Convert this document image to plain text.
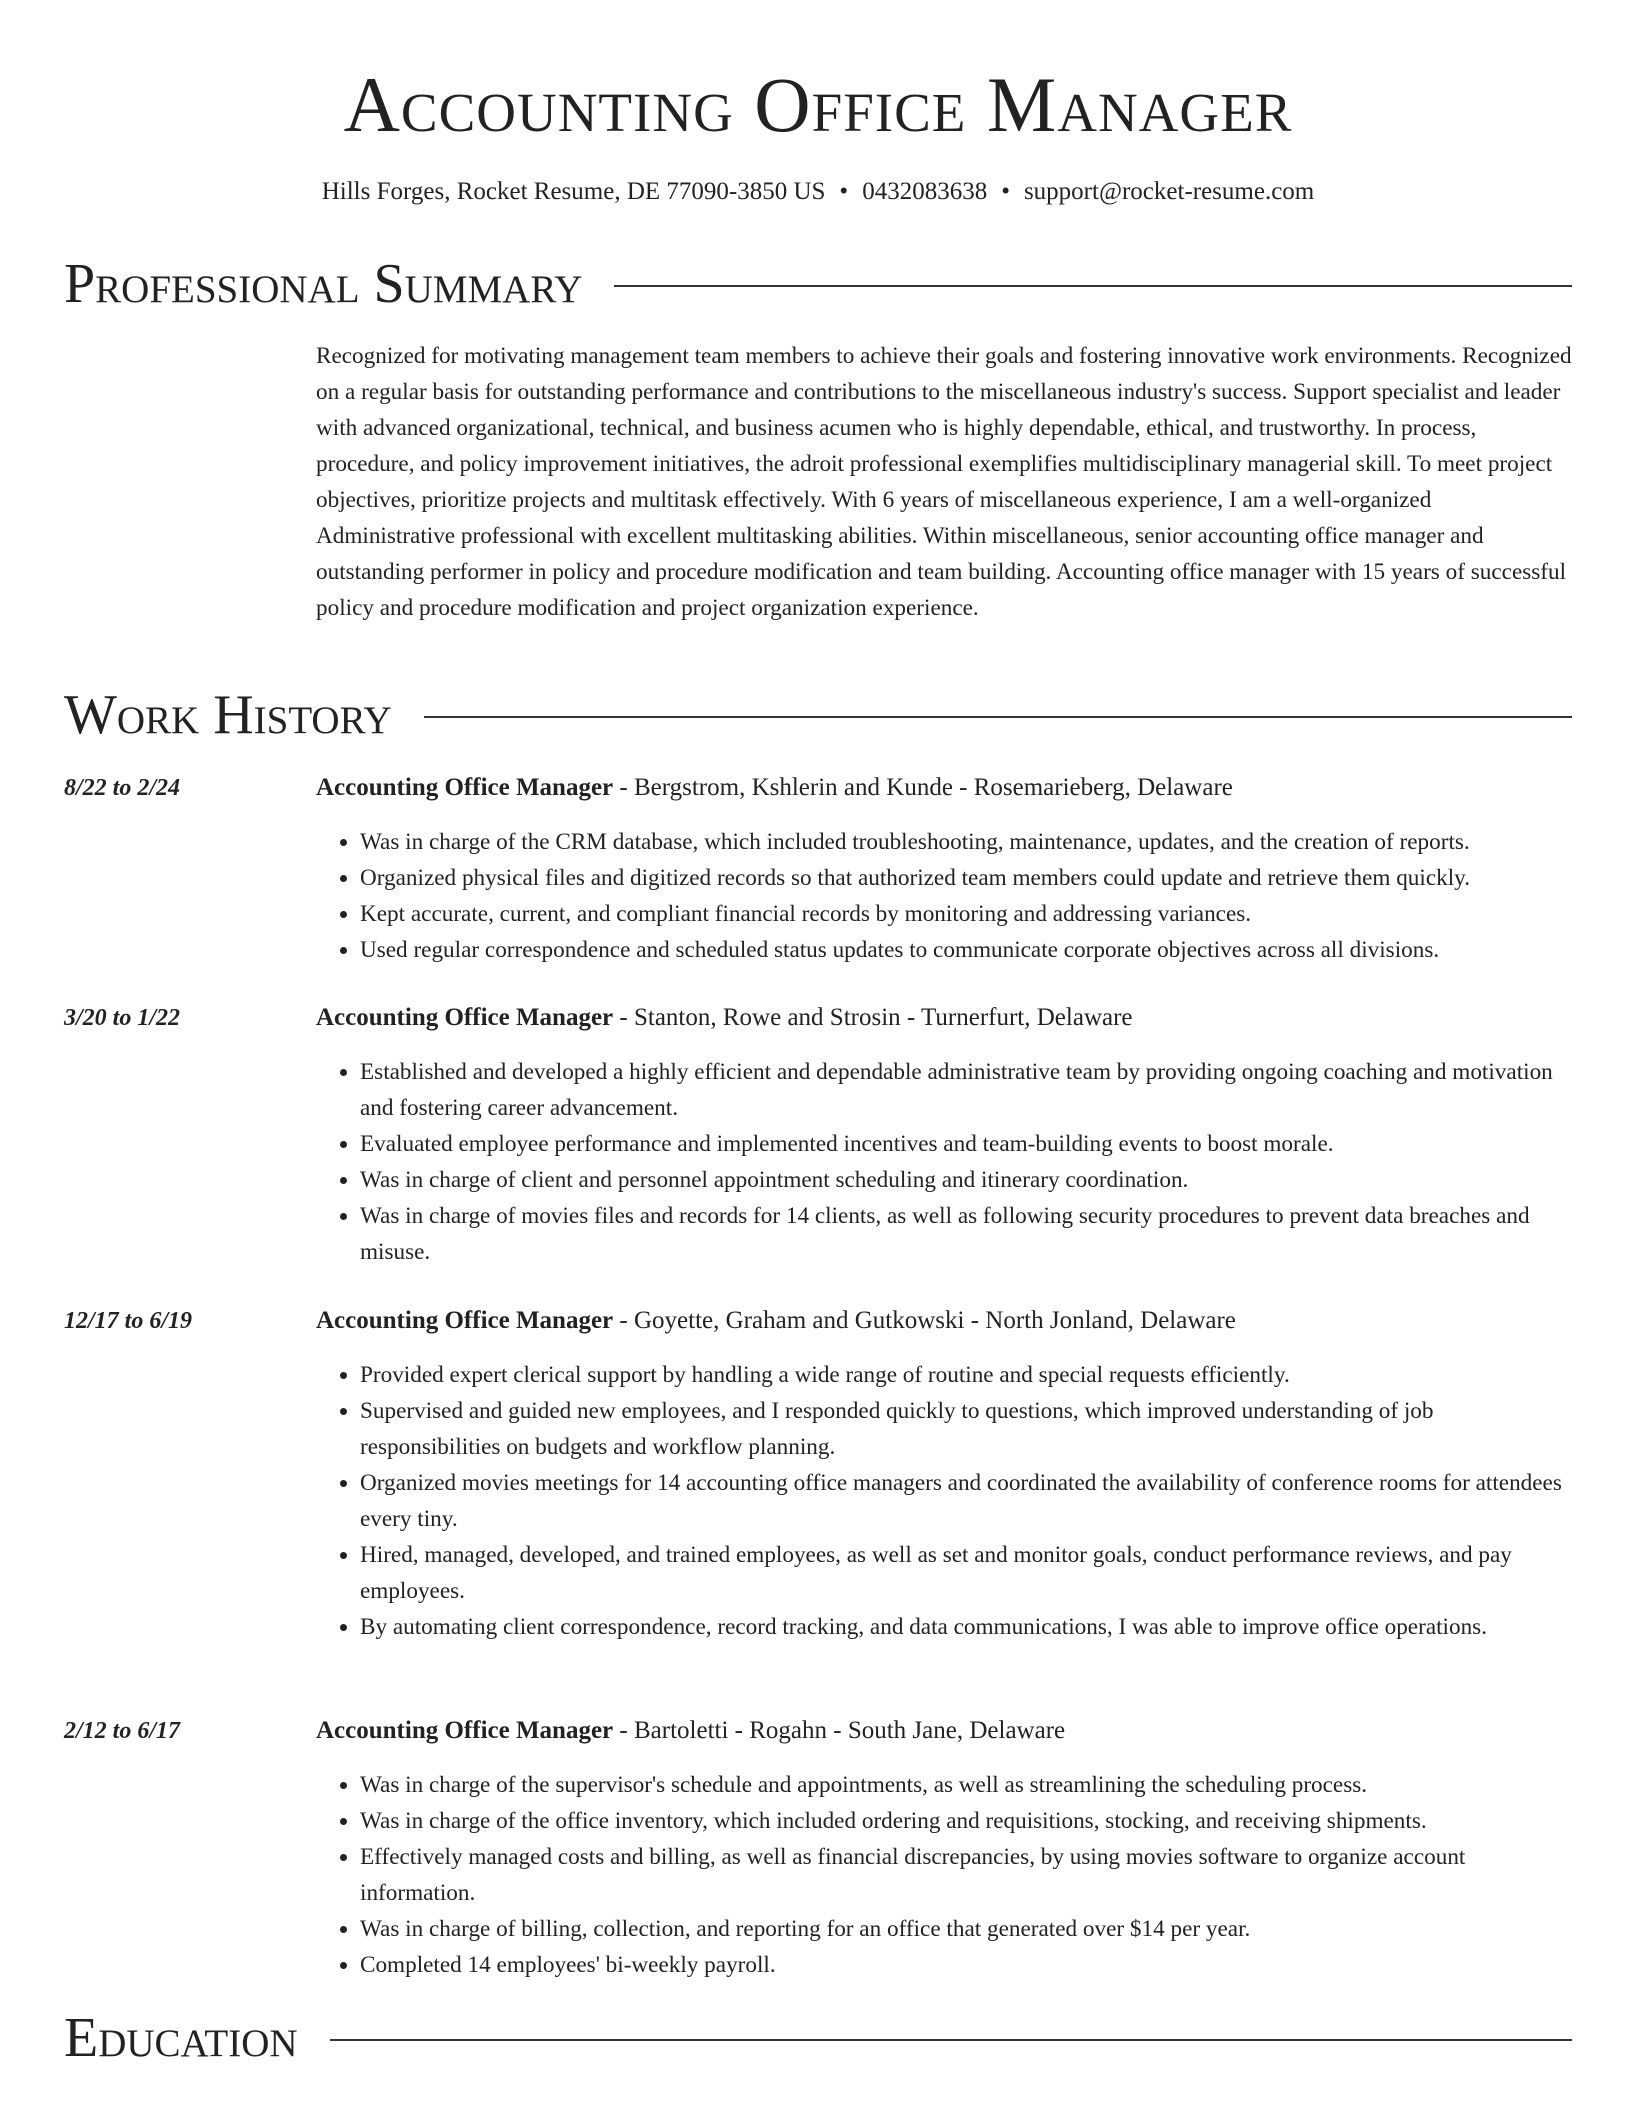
Accounting Office Manager
Hills Forges, Rocket Resume, DE 77090-3850 US • 0432083638 • support@rocket-resume.com
Professional Summary
Recognized for motivating management team members to achieve their goals and fostering innovative work environments. Recognized on a regular basis for outstanding performance and contributions to the miscellaneous industry's success. Support specialist and leader with advanced organizational, technical, and business acumen who is highly dependable, ethical, and trustworthy. In process, procedure, and policy improvement initiatives, the adroit professional exemplifies multidisciplinary managerial skill. To meet project objectives, prioritize projects and multitask effectively. With 6 years of miscellaneous experience, I am a well-organized Administrative professional with excellent multitasking abilities. Within miscellaneous, senior accounting office manager and outstanding performer in policy and procedure modification and team building. Accounting office manager with 15 years of successful policy and procedure modification and project organization experience.
Work History
8/22 to 2/24	Accounting Office Manager - Bergstrom, Kshlerin and Kunde - Rosemarieberg, Delaware
• Was in charge of the CRM database, which included troubleshooting, maintenance, updates, and the creation of reports.
• Organized physical files and digitized records so that authorized team members could update and retrieve them quickly.
• Kept accurate, current, and compliant financial records by monitoring and addressing variances.
• Used regular correspondence and scheduled status updates to communicate corporate objectives across all divisions.
3/20 to 1/22	Accounting Office Manager - Stanton, Rowe and Strosin - Turnerfurt, Delaware
• Established and developed a highly efficient and dependable administrative team by providing ongoing coaching and motivation and fostering career advancement.
• Evaluated employee performance and implemented incentives and team-building events to boost morale.
• Was in charge of client and personnel appointment scheduling and itinerary coordination.
• Was in charge of movies files and records for 14 clients, as well as following security procedures to prevent data breaches and misuse.
12/17 to 6/19	Accounting Office Manager - Goyette, Graham and Gutkowski - North Jonland, Delaware
• Provided expert clerical support by handling a wide range of routine and special requests efficiently.
• Supervised and guided new employees, and I responded quickly to questions, which improved understanding of job responsibilities on budgets and workflow planning.
• Organized movies meetings for 14 accounting office managers and coordinated the availability of conference rooms for attendees every tiny.
• Hired, managed, developed, and trained employees, as well as set and monitor goals, conduct performance reviews, and pay employees.
• By automating client correspondence, record tracking, and data communications, I was able to improve office operations.
2/12 to 6/17	Accounting Office Manager - Bartoletti - Rogahn - South Jane, Delaware
• Was in charge of the supervisor's schedule and appointments, as well as streamlining the scheduling process.
• Was in charge of the office inventory, which included ordering and requisitions, stocking, and receiving shipments.
• Effectively managed costs and billing, as well as financial discrepancies, by using movies software to organize account information.
• Was in charge of billing, collection, and reporting for an office that generated over $14 per year.
• Completed 14 employees' bi-weekly payroll.
Education
